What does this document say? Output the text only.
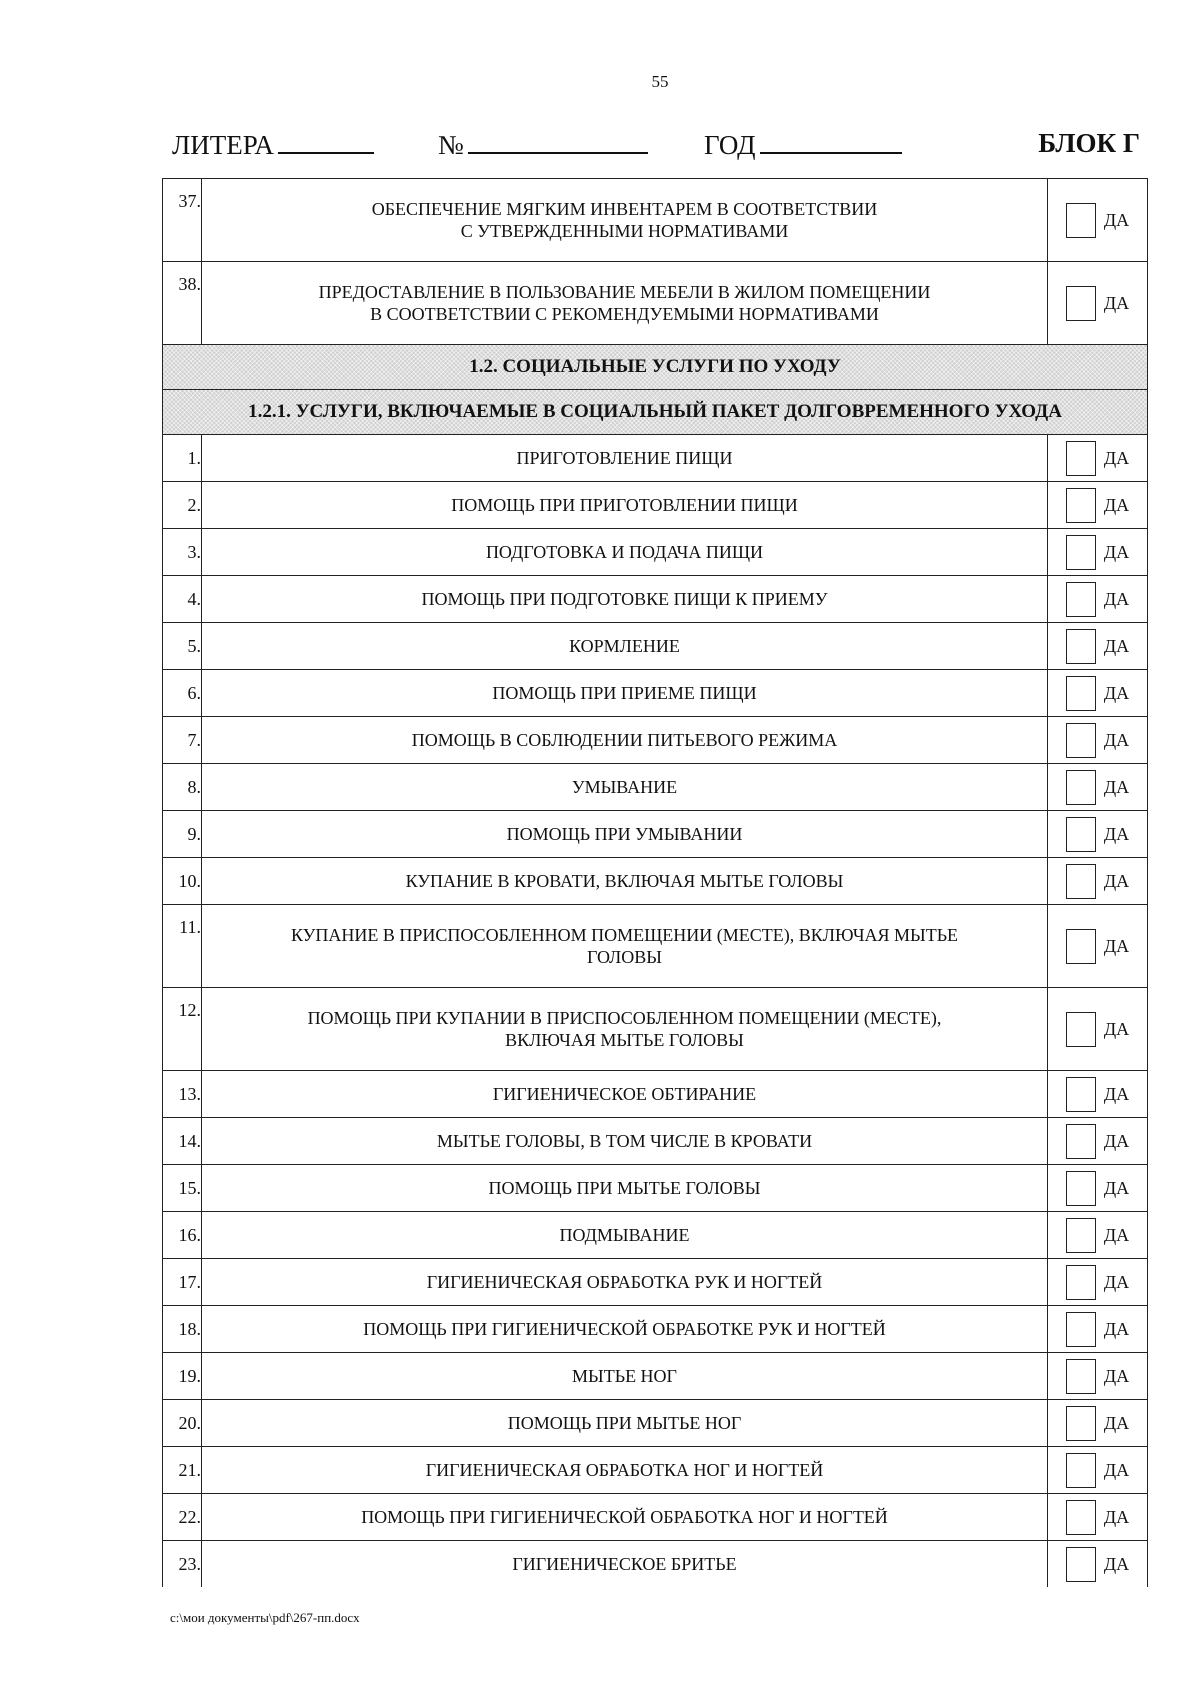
55
ЛИТЕРА	№	ГОД	БЛОК Г
37.	ОБЕСПЕЧЕНИЕ МЯГКИМ ИНВЕНТАРЕМ В СООТВЕТСТВИИ
С УТВЕРЖДЕННЫМИ НОРМАТИВАМИ	ДА

38.	ПРЕДОСТАВЛЕНИЕ В ПОЛЬЗОВАНИЕ МЕБЕЛИ В ЖИЛОМ ПОМЕЩЕНИИ
В СООТВЕТСТВИИ С РЕКОМЕНДУЕМЫМИ НОРМАТИВАМИ	ДА

1.2. СОЦИАЛЬНЫЕ УСЛУГИ ПО УХОДУ		
1.2.1. УСЛУГИ, ВКЛЮЧАЕМЫЕ В СОЦИАЛЬНЫЙ ПАКЕТ ДОЛГОВРЕМЕННОГО УХОДА		
1.	ПРИГОТОВЛЕНИЕ ПИЩИ	ДА

2.	ПОМОЩЬ ПРИ ПРИГОТОВЛЕНИИ ПИЩИ	ДА

3.	ПОДГОТОВКА И ПОДАЧА ПИЩИ	ДА

4.	ПОМОЩЬ ПРИ ПОДГОТОВКЕ ПИЩИ К ПРИЕМУ	ДА

5.	КОРМЛЕНИЕ	ДА

6.	ПОМОЩЬ ПРИ ПРИЕМЕ ПИЩИ	ДА

7.	ПОМОЩЬ В СОБЛЮДЕНИИ ПИТЬЕВОГО РЕЖИМА	ДА

8.	УМЫВАНИЕ	ДА

9.	ПОМОЩЬ ПРИ УМЫВАНИИ	ДА

10.	КУПАНИЕ В КРОВАТИ, ВКЛЮЧАЯ МЫТЬЕ ГОЛОВЫ	ДА

11.	КУПАНИЕ В ПРИСПОСОБЛЕННОМ ПОМЕЩЕНИИ (МЕСТЕ), ВКЛЮЧАЯ МЫТЬЕ
ГОЛОВЫ	ДА

12.	ПОМОЩЬ ПРИ КУПАНИИ В ПРИСПОСОБЛЕННОМ ПОМЕЩЕНИИ (МЕСТЕ),
ВКЛЮЧАЯ МЫТЬЕ ГОЛОВЫ	ДА

13.	ГИГИЕНИЧЕСКОЕ ОБТИРАНИЕ	ДА

14.	МЫТЬЕ ГОЛОВЫ, В ТОМ ЧИСЛЕ В КРОВАТИ	ДА

15.	ПОМОЩЬ ПРИ МЫТЬЕ ГОЛОВЫ	ДА

16.	ПОДМЫВАНИЕ	ДА

17.	ГИГИЕНИЧЕСКАЯ ОБРАБОТКА РУК И НОГТЕЙ	ДА

18.	ПОМОЩЬ ПРИ ГИГИЕНИЧЕСКОЙ ОБРАБОТКЕ РУК И НОГТЕЙ	ДА

19.	МЫТЬЕ НОГ	ДА

20.	ПОМОЩЬ ПРИ МЫТЬЕ НОГ	ДА

21.	ГИГИЕНИЧЕСКАЯ ОБРАБОТКА НОГ И НОГТЕЙ	ДА

22.	ПОМОЩЬ ПРИ ГИГИЕНИЧЕСКОЙ ОБРАБОТКА НОГ И НОГТЕЙ	ДА

23.	ГИГИЕНИЧЕСКОЕ БРИТЬЕ	ДА
c:\мои документы\pdf\267-пп.docx
